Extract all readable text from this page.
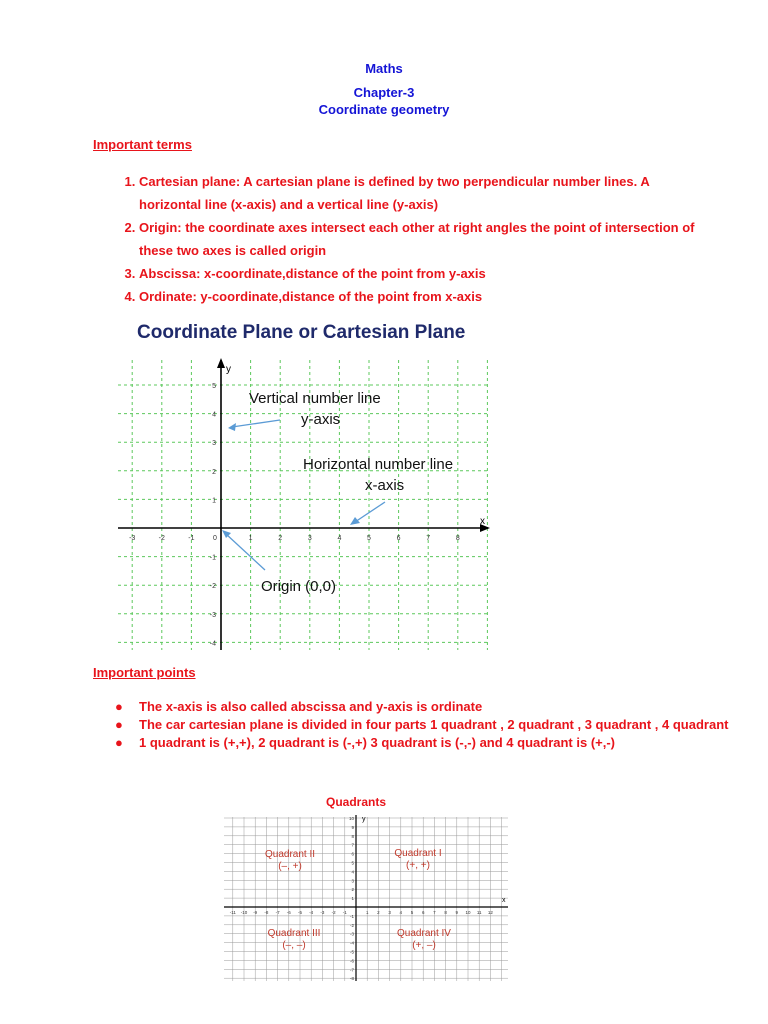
Maths
Chapter-3
Coordinate geometry
Important terms
1. Cartesian plane: A cartesian plane is defined by two perpendicular number lines. A horizontal line (x-axis) and a vertical line (y-axis)
2. Origin: the coordinate axes intersect each other at right angles the point of intersection of these two axes is called origin
3. Abscissa: x-coordinate,distance of the point from y-axis
4. Ordinate: y-coordinate,distance of the point from x-axis
Coordinate Plane or Cartesian Plane
y
x
-3	-2	-1	0	1	2	3	4	5	6	7	8
5
4
3
2
1
-1
-2
-3
-4
Vertical number line
y-axis
Horizontal number line
x-axis
Origin (0,0)
Important points
● The x-axis is also called abscissa and y-axis is ordinate
● The car cartesian plane is divided in four parts 1 quadrant , 2 quadrant , 3 quadrant , 4 quadrant
● 1 quadrant is (+,+), 2 quadrant is (-,+) 3 quadrant is (-,-) and 4 quadrant is (+,-)
Quadrants
y
x
-11 -10 -9 -8 -7 -6 -5 -4 -3 -2 -1	1 2 3 4 5 6 7 8 9 10 11 12
-8
-7
-6
-5
-4
-3
-2
-1
1
2
3
4
5
6
7
8
9
10
Quadrant II
(–, +)
Quadrant I
(+, +)
Quadrant III
(–, –)
Quadrant IV
(+, –)
